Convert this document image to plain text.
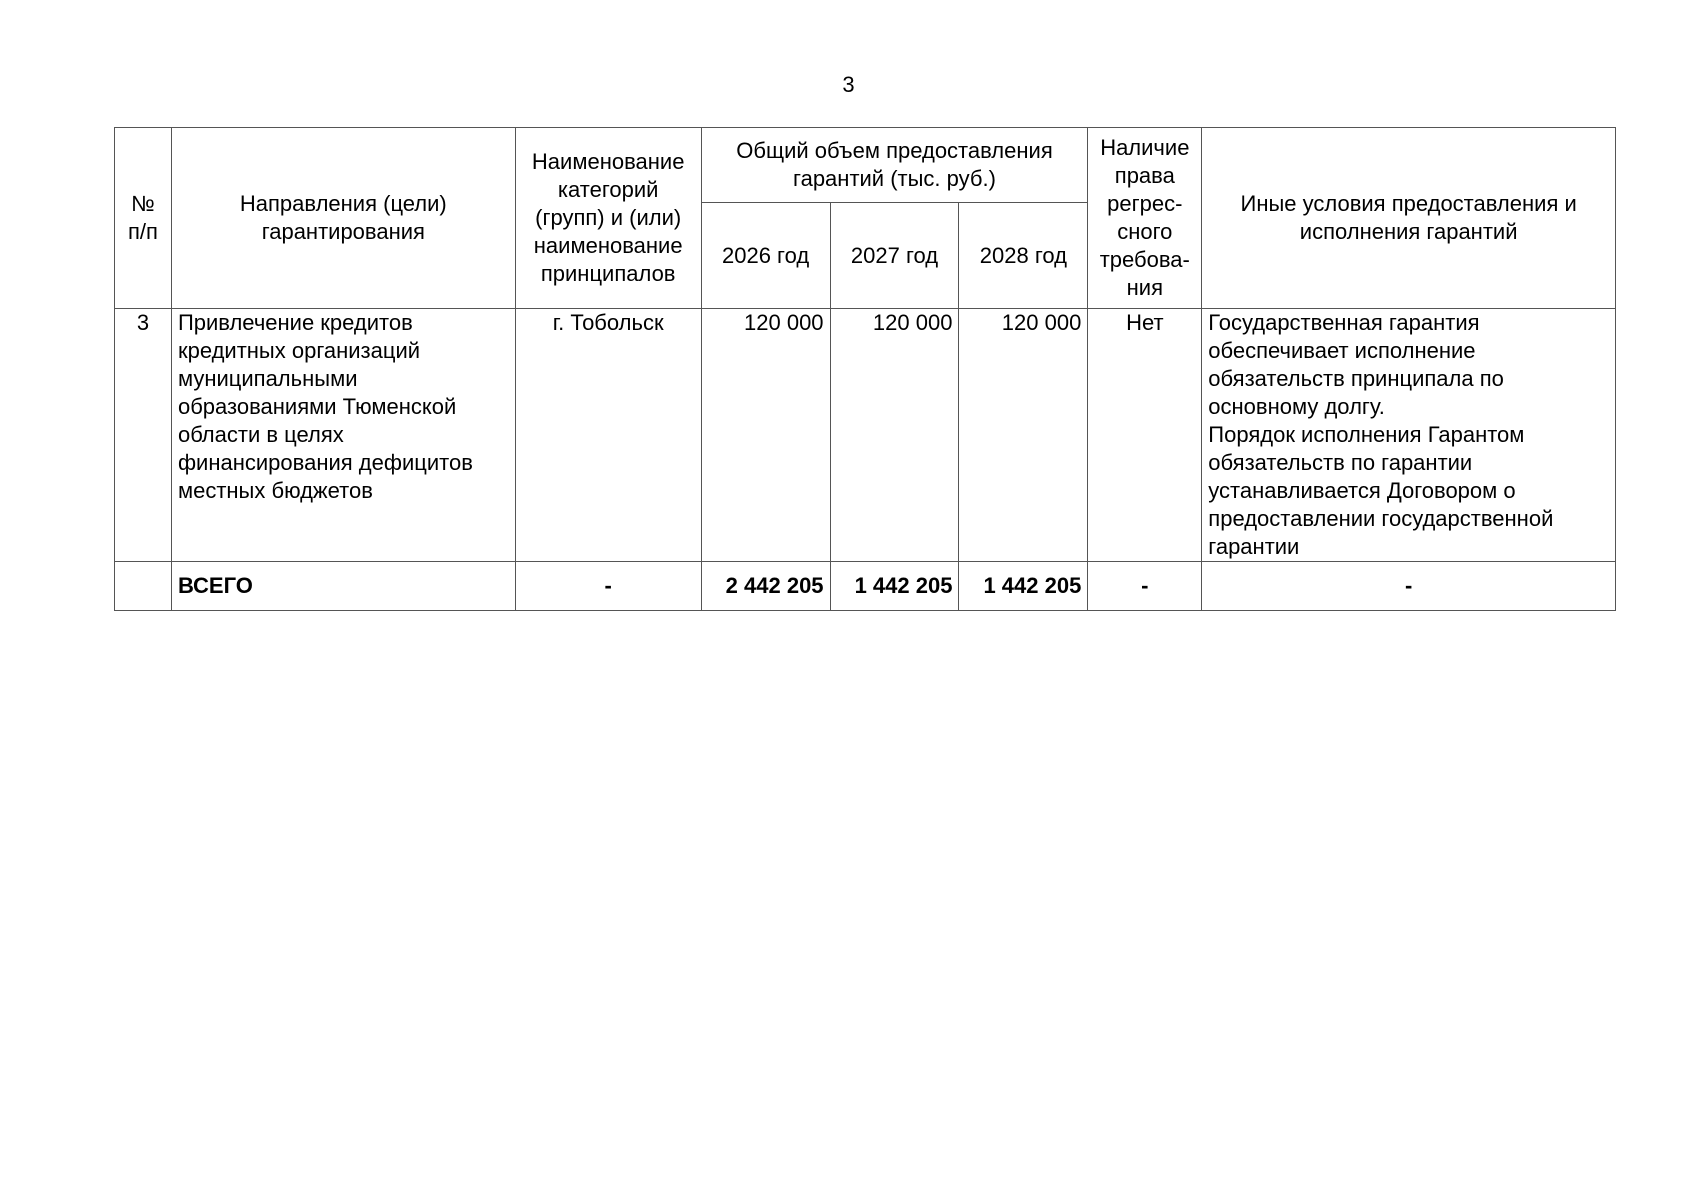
3
№ п/п	Направления (цели) гарантирования	Наименование категорий (групп) и (или) наименование принципалов	Общий объем предоставления гарантий (тыс. руб.)			Наличие права регрес-сного требова-ния	Иные условия предоставления и исполнения гарантий
			2026 год	2027 год	2028 год		
3	Привлечение кредитов кредитных организаций муниципальными образованиями Тюменской области в целях финансирования дефицитов местных бюджетов	г. Тобольск	120 000	120 000	120 000	Нет	Государственная гарантия обеспечивает исполнение обязательств принципала по основному долгу.
Порядок исполнения Гарантом обязательств по гарантии устанавливается Договором о предоставлении государственной гарантии

	ВСЕГО	-	2 442 205	1 442 205	1 442 205	-	-
